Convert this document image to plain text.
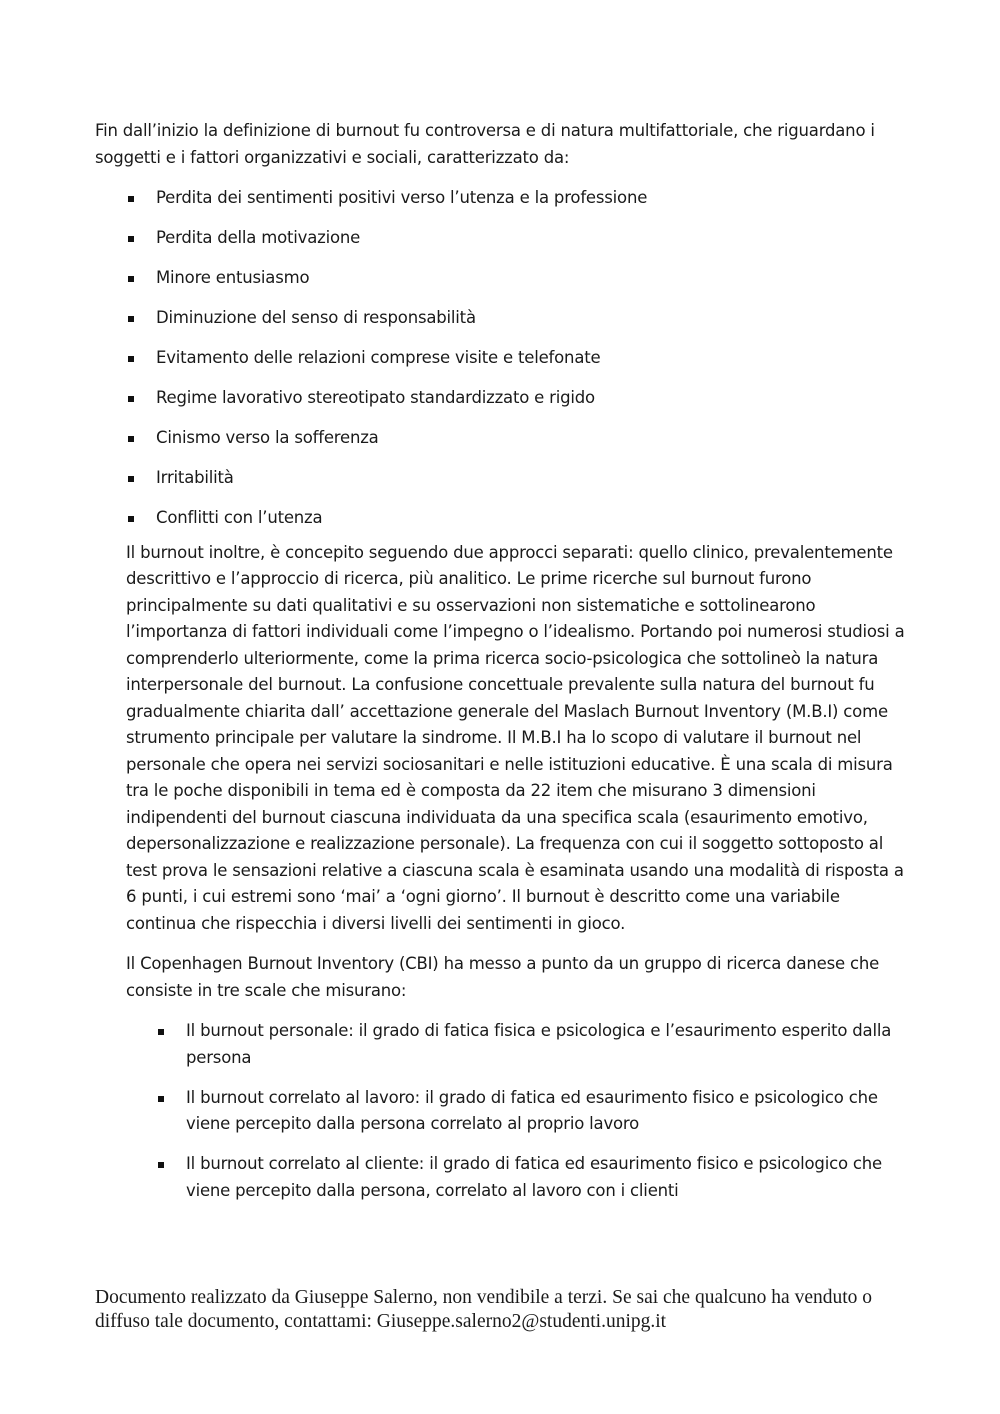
Fin dall’inizio la definizione di burnout fu controversa e di natura multifattoriale, che riguardano i soggetti e i fattori organizzativi e sociali, caratterizzato da:

Perdita dei sentimenti positivi verso l’utenza e la professione
Perdita della motivazione
Minore entusiasmo
Diminuzione del senso di responsabilità
Evitamento delle relazioni comprese visite e telefonate
Regime lavorativo stereotipato standardizzato e rigido
Cinismo verso la sofferenza
Irritabilità
Conflitti con l’utenza

Il burnout inoltre, è concepito seguendo due approcci separati: quello clinico, prevalentemente descrittivo e l’approccio di ricerca, più analitico. Le prime ricerche sul burnout furono principalmente su dati qualitativi e su osservazioni non sistematiche e sottolinearono l’importanza di fattori individuali come l’impegno o l’idealismo. Portando poi numerosi studiosi a comprenderlo ulteriormente, come la prima ricerca socio-psicologica che sottolineò la natura interpersonale del burnout. La confusione concettuale prevalente sulla natura del burnout fu gradualmente chiarita dall’ accettazione generale del Maslach Burnout Inventory (M.B.I) come strumento principale per valutare la sindrome. Il M.B.I ha lo scopo di valutare il burnout nel personale che opera nei servizi sociosanitari e nelle istituzioni educative. È una scala di misura tra le poche disponibili in tema ed è composta da 22 item che misurano 3 dimensioni indipendenti del burnout ciascuna individuata da una specifica scala (esaurimento emotivo, depersonalizzazione e realizzazione personale). La frequenza con cui il soggetto sottoposto al test prova le sensazioni relative a ciascuna scala è esaminata usando una modalità di risposta a 6 punti, i cui estremi sono ‘mai’ a ‘ogni giorno’. Il burnout è descritto come una variabile continua che rispecchia i diversi livelli dei sentimenti in gioco.

Il Copenhagen Burnout Inventory (CBI) ha messo a punto da un gruppo di ricerca danese che consiste in tre scale che misurano:

Il burnout personale: il grado di fatica fisica e psicologica e l’esaurimento esperito dalla persona
Il burnout correlato al lavoro: il grado di fatica ed esaurimento fisico e psicologico che viene percepito dalla persona correlato al proprio lavoro
Il burnout correlato al cliente: il grado di fatica ed esaurimento fisico e psicologico che viene percepito dalla persona, correlato al lavoro con i clienti
Documento realizzato da Giuseppe Salerno, non vendibile a terzi. Se sai che qualcuno ha venduto o diffuso tale documento, contattami: Giuseppe.salerno2@studenti.unipg.it
